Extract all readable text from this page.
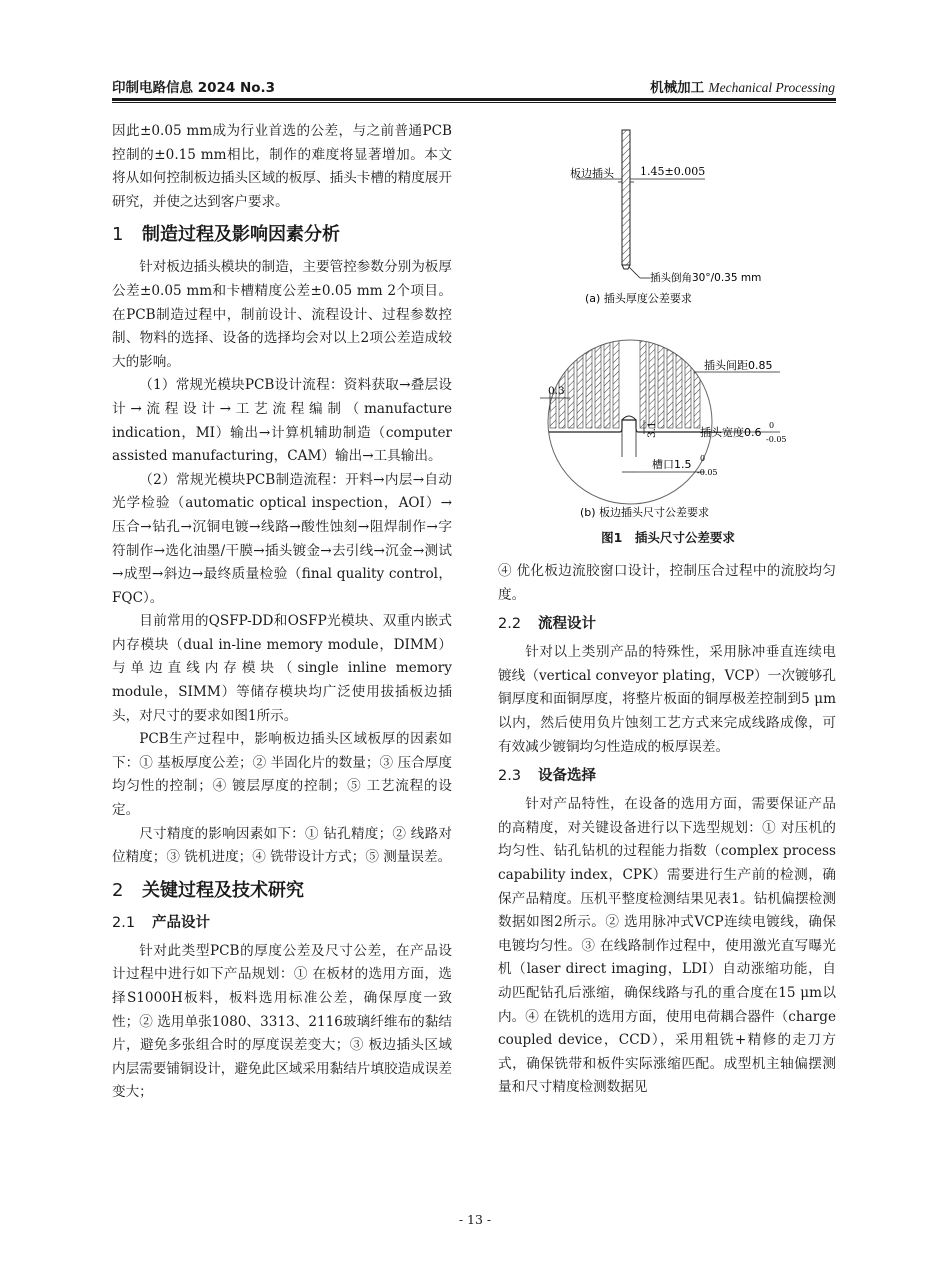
印制电路信息 2024 No.3	机械加工 Mechanical Processing

因此±0.05 mm成为行业首选的公差，与之前普通PCB控制的±0.15 mm相比，制作的难度将显著增加。本文将从如何控制板边插头区域的板厚、插头卡槽的精度展开研究，并使之达到客户要求。

1 制造过程及影响因素分析

针对板边插头模块的制造，主要管控参数分别为板厚公差±0.05 mm和卡槽精度公差±0.05 mm 2个项目。在PCB制造过程中，制前设计、流程设计、过程参数控制、物料的选择、设备的选择均会对以上2项公差造成较大的影响。

（1）常规光模块PCB设计流程：资料获取→叠层设计→流程设计→工艺流程编制（manufacture indication，MI）输出→计算机辅助制造（computer assisted manufacturing，CAM）输出→工具输出。

（2）常规光模块PCB制造流程：开料→内层→自动光学检验（automatic optical inspection，AOI）→压合→钻孔→沉铜电镀→线路→酸性蚀刻→阻焊制作→字符制作→选化油墨/干膜→插头镀金→去引线→沉金→测试→成型→斜边→最终质量检验（final quality control，FQC）。

目前常用的QSFP-DD和OSFP光模块、双重内嵌式内存模块（dual in-line memory module，DIMM）与单边直线内存模块（single inline memory module，SIMM）等储存模块均广泛使用拔插板边插头，对尺寸的要求如图1所示。

PCB生产过程中，影响板边插头区域板厚的因素如下：① 基板厚度公差；② 半固化片的数量；③ 压合厚度均匀性的控制；④ 镀层厚度的控制；⑤ 工艺流程的设定。

尺寸精度的影响因素如下：① 钻孔精度；② 线路对位精度；③ 铣机进度；④ 铣带设计方式；⑤ 测量误差。

2 关键过程及技术研究
2.1 产品设计

针对此类型PCB的厚度公差及尺寸公差，在产品设计过程中进行如下产品规划：① 在板材的选用方面，选择S1000H板料，板料选用标准公差，确保厚度一致性；② 选用单张1080、3313、2116玻璃纤维布的黏结片，避免多张组合时的厚度误差变大；③ 板边插头区域内层需要铺铜设计，避免此区域采用黏结片填胶造成误差变大；

板边插头 1.45±0.005
插头倒角30°/0.35 mm
(a) 插头厚度公差要求
0.3
3.1
插头间距0.85
插头宽度0.6
0
-0.05
槽口1.5 0
-0.05
(b) 板边插头尺寸公差要求
图1　插头尺寸公差要求

④ 优化板边流胶窗口设计，控制压合过程中的流胶均匀度。

2.2 流程设计

针对以上类别产品的特殊性，采用脉冲垂直连续电镀线（vertical conveyor plating，VCP）一次镀够孔铜厚度和面铜厚度，将整片板面的铜厚极差控制到5 μm以内，然后使用负片蚀刻工艺方式来完成线路成像，可有效减少镀铜均匀性造成的板厚误差。

2.3 设备选择

针对产品特性，在设备的选用方面，需要保证产品的高精度，对关键设备进行以下选型规划：① 对压机的均匀性、钻孔钻机的过程能力指数（complex process capability index，CPK）需要进行生产前的检测，确保产品精度。压机平整度检测结果见表1。钻机偏摆检测数据如图2所示。② 选用脉冲式VCP连续电镀线，确保电镀均匀性。③ 在线路制作过程中，使用激光直写曝光机（laser direct imaging，LDI）自动涨缩功能，自动匹配钻孔后涨缩，确保线路与孔的重合度在15 μm以内。④ 在铣机的选用方面，使用电荷耦合器件（charge coupled device，CCD），采用粗铣+精修的走刀方式，确保铣带和板件实际涨缩匹配。成型机主轴偏摆测量和尺寸精度检测数据见

- 13 -
